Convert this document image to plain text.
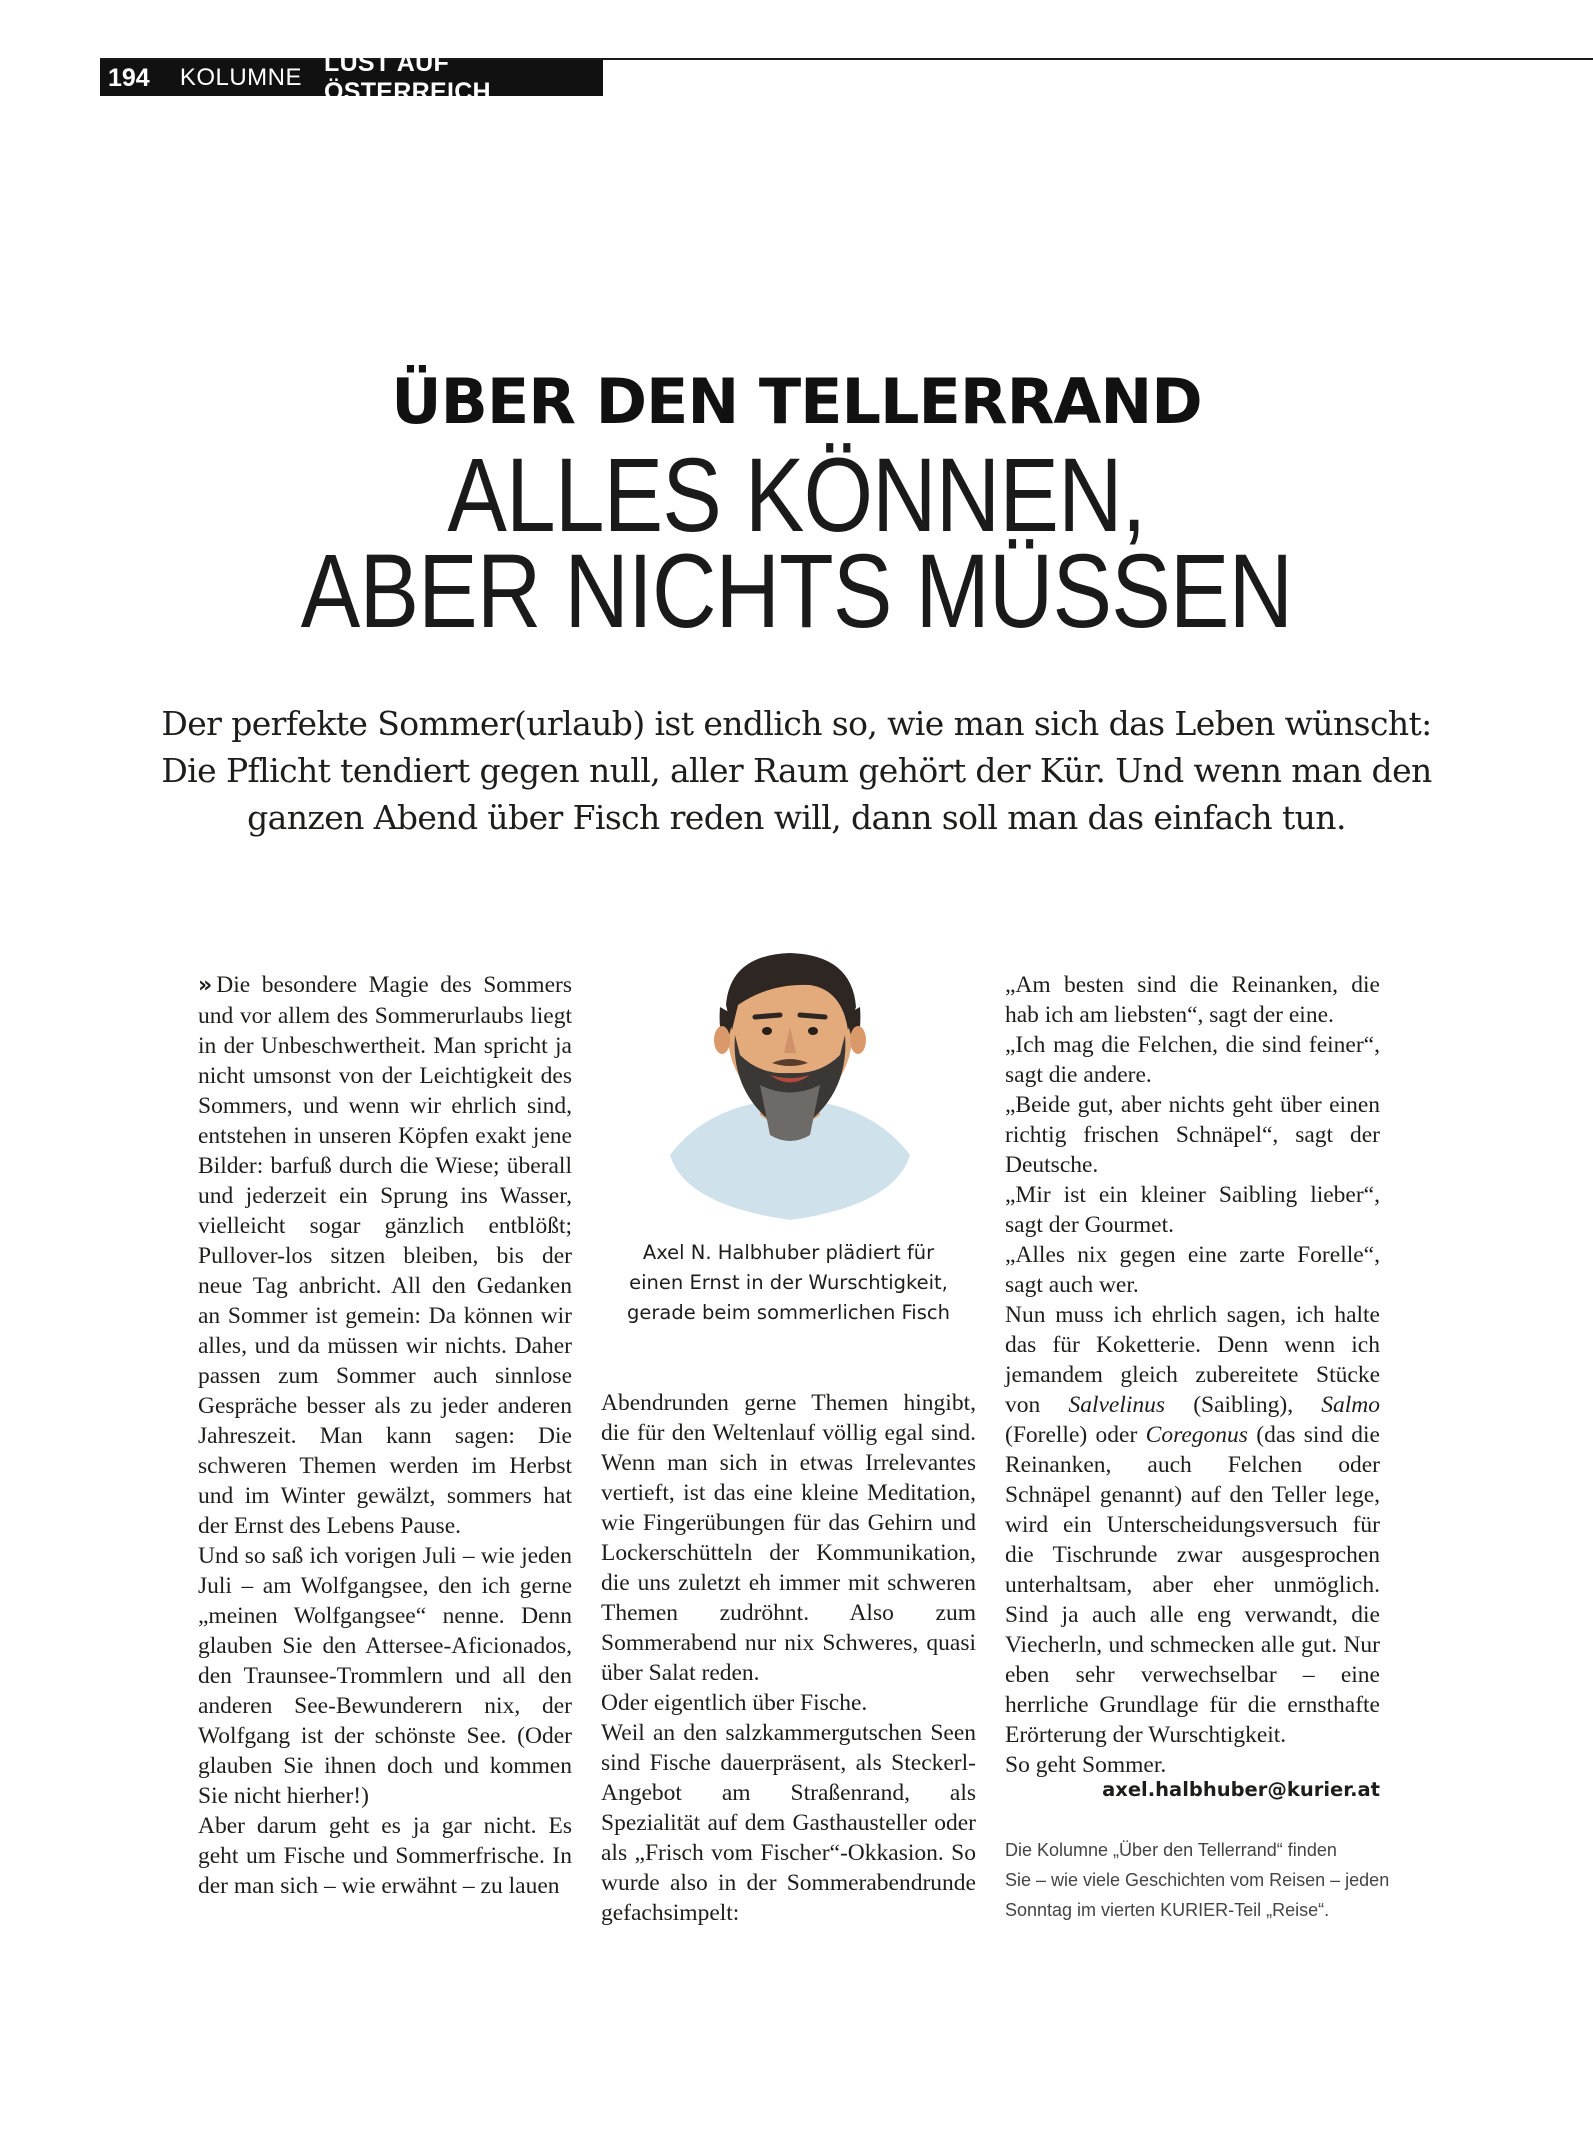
194	KOLUMNE
LUST AUF ÖSTERREICH
ÜBER DEN TELLERRAND
ALLES KÖNNEN,
ABER NICHTS MÜSSEN
Der perfekte Sommer(urlaub) ist endlich so, wie man sich das Leben wünscht:
Die Pflicht tendiert gegen null, aller Raum gehört der Kür. Und wenn man den
ganzen Abend über Fisch reden will, dann soll man das einfach tun.

» Die besondere Magie des Sommers und vor allem des Sommerurlaubs liegt in der Unbeschwertheit. Man spricht ja nicht umsonst von der Leichtigkeit des Sommers, und wenn wir ehrlich sind, entstehen in unseren Köpfen exakt jene Bilder: barfuß durch die Wiese; überall und jederzeit ein Sprung ins Wasser, vielleicht sogar gänzlich entblößt; Pullover-los sitzen bleiben, bis der neue Tag anbricht. All den Gedanken an Sommer ist gemein: Da können wir alles, und da müssen wir nichts. Daher passen zum Sommer auch sinnlose Gespräche besser als zu jeder anderen Jahreszeit. Man kann sagen: Die schweren Themen werden im Herbst und im Winter gewälzt, sommers hat der Ernst des Lebens Pause.

Und so saß ich vorigen Juli – wie jeden Juli – am Wolfgangsee, den ich gerne „meinen Wolfgangsee“ nenne. Denn glauben Sie den Attersee-Aficionados, den Traunsee-Trommlern und all den anderen See-Bewunderern nix, der Wolfgang ist der schönste See. (Oder glauben Sie ihnen doch und kommen Sie nicht hierher!)

Aber darum geht es ja gar nicht. Es geht um Fische und Sommerfrische. In der man sich – wie erwähnt – zu lauen

Axel N. Halbhuber plädiert für
einen Ernst in der Wurschtigkeit,
gerade beim sommerlichen Fisch

Abendrunden gerne Themen hingibt, die für den Weltenlauf völlig egal sind. Wenn man sich in etwas Irrelevantes vertieft, ist das eine kleine Meditation, wie Fingerübungen für das Gehirn und Lockerschütteln der Kommunikation, die uns zuletzt eh immer mit schweren Themen zudröhnt. Also zum Sommerabend nur nix Schweres, quasi über Salat reden.

Oder eigentlich über Fische.

Weil an den salzkammergutschen Seen sind Fische dauerpräsent, als Steckerl-Angebot am Straßenrand, als Spezialität auf dem Gasthausteller oder als „Frisch vom Fischer“-Okkasion. So wurde also in der Sommerabendrunde gefachsimpelt:

„Am besten sind die Reinanken, die hab ich am liebsten“, sagt der eine.

„Ich mag die Felchen, die sind feiner“, sagt die andere.

„Beide gut, aber nichts geht über einen richtig frischen Schnäpel“, sagt der Deutsche.

„Mir ist ein kleiner Saibling lieber“, sagt der Gourmet.

„Alles nix gegen eine zarte Forelle“, sagt auch wer.

Nun muss ich ehrlich sagen, ich halte das für Koketterie. Denn wenn ich jemandem gleich zubereitete Stücke von Salvelinus (Saibling), Salmo (Forelle) oder Coregonus (das sind die Reinanken, auch Felchen oder Schnäpel genannt) auf den Teller lege, wird ein Unterscheidungsversuch für die Tischrunde zwar ausgesprochen unterhaltsam, aber eher unmöglich. Sind ja auch alle eng verwandt, die Viecherln, und schmecken alle gut. Nur eben sehr verwechselbar – eine herrliche Grundlage für die ernsthafte Erörterung der Wurschtigkeit.

So geht Sommer.

axel.halbhuber@kurier.at
Die Kolumne „Über den Tellerrand“ finden
Sie – wie viele Geschichten vom Reisen – jeden
Sonntag im vierten KURIER-Teil „Reise“.
